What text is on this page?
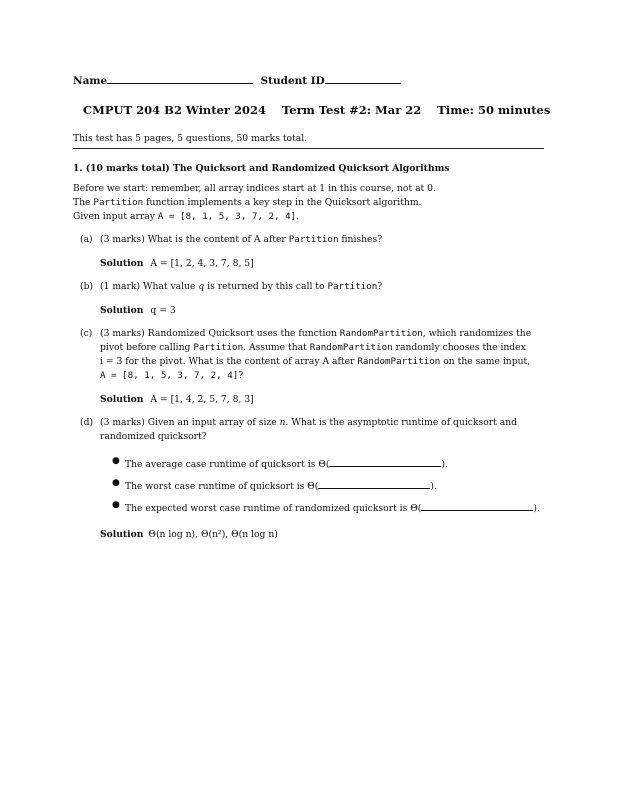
Name	Student ID
CMPUT 204 B2 Winter 2024 Term Test #2: Mar 22 Time: 50 minutes
This test has 5 pages, 5 questions, 50 marks total.
1. (10 marks total) The Quicksort and Randomized Quicksort Algorithms
Before we start: remember, all array indices start at 1 in this course, not at 0.
The Partition function implements a key step in the Quicksort algorithm.
Given input array A = [8, 1, 5, 3, 7, 2, 4].
(a) (3 marks) What is the content of A after Partition finishes?
Solution A = [1, 2, 4, 3, 7, 8, 5]
(b) (1 mark) What value q is returned by this call to Partition?
Solution q = 3
(c) (3 marks) Randomized Quicksort uses the function RandomPartition, which randomizes the
pivot before calling Partition. Assume that RandomPartition randomly chooses the index
i = 3 for the pivot. What is the content of array A after RandomPartition on the same input,
A = [8, 1, 5, 3, 7, 2, 4]?
Solution A = [1, 4, 2, 5, 7, 8, 3]
(d) (3 marks) Given an input array of size n. What is the asymptotic runtime of quicksort and
randomized quicksort?
● The average case runtime of quicksort is Θ(	).
● The worst case runtime of quicksort is Θ(	).
● The expected worst case runtime of randomized quicksort is Θ(	).
Solution Θ(n log n), Θ(n²), Θ(n log n)
